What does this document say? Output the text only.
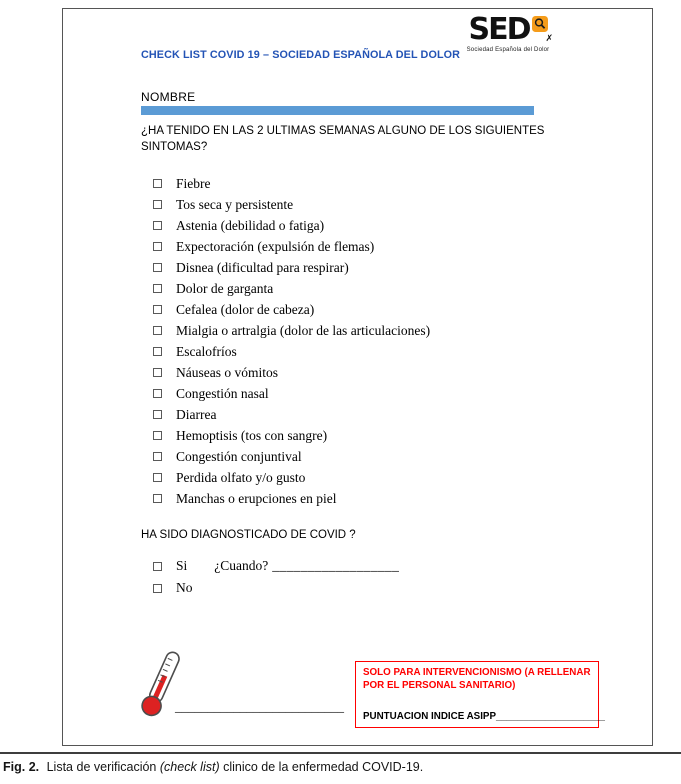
SED ✗
Sociedad Española del Dolor
CHECK LIST COVID 19 – SOCIEDAD ESPAÑOLA DEL DOLOR
NOMBRE
¿HA TENIDO EN LAS 2 ULTIMAS SEMANAS ALGUNO DE LOS SIGUIENTES SINTOMAS?
Fiebre
Tos seca y persistente
Astenia (debilidad o fatiga)
Expectoración (expulsión de flemas)
Disnea (dificultad para respirar)
Dolor de garganta
Cefalea (dolor de cabeza)
Mialgia o artralgia (dolor de las articulaciones)
Escalofríos
Náuseas o vómitos
Congestión nasal
Diarrea
Hemoptisis (tos con sangre)
Congestión conjuntival
Perdida olfato y/o gusto
Manchas o erupciones en piel
HA SIDO DIAGNOSTICADO DE COVID ?
Si ¿Cuando? __________________
No
__________________________
SOLO PARA INTERVENCIONISMO (A RELLENAR POR EL PERSONAL SANITARIO)
PUNTUACION INDICE ASIPP____________________
Fig. 2. Lista de verificación (check list) clinico de la enfermedad COVID-19.
